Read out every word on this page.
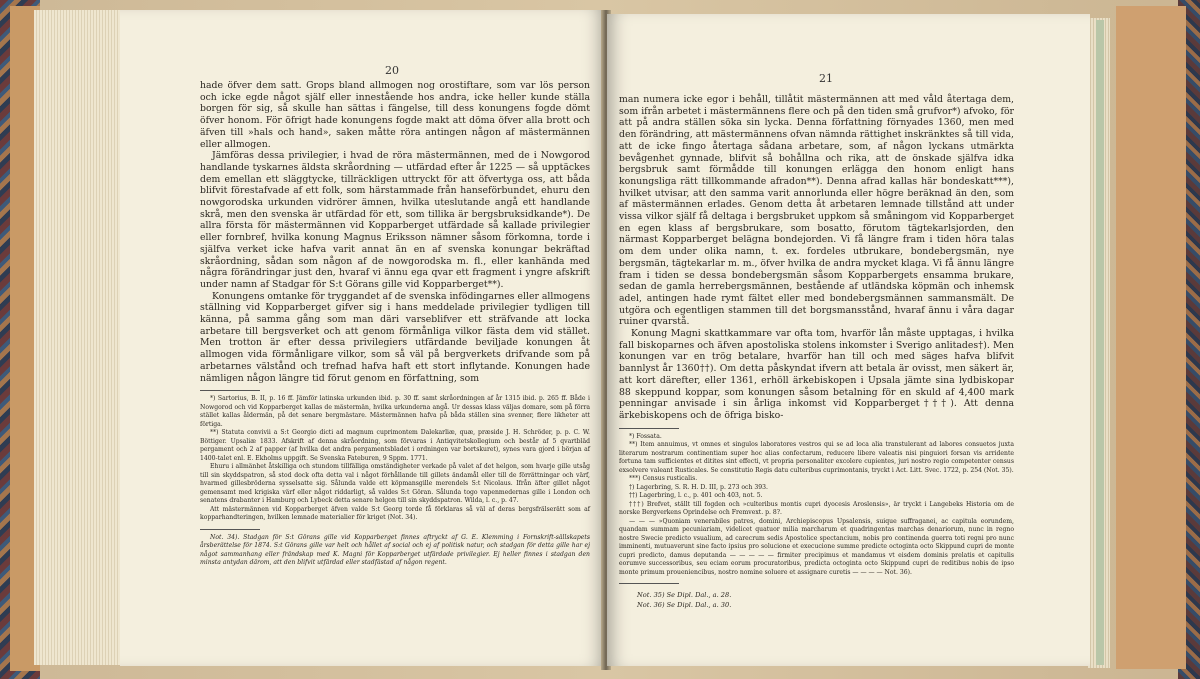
20

hade öfver dem satt. Grops bland allmogen nog orostiftare, som var lös person och icke egde något själf eller innestående hos andra, icke heller kunde ställa borgen för sig, så skulle han sättas i fängelse, till dess konungens fogde dömt öfver honom. För öfrigt hade konungens fogde makt att döma öfver alla brott och äfven till »hals och hand», saken måtte röra antingen någon af mästermännen eller allmogen.

Jämföras dessa privilegier, i hvad de röra mästermännen, med de i Nowgorod handlande tyskarnes äldsta skråordning — utfärdad efter år 1225 — så upptäckes dem emellan ett släggtycke, tillräckligen uttryckt för att öfvertyga oss, att båda blifvit förestafvade af ett folk, som härstammade från hanseförbundet, ehuru den nowgorodska urkunden vidrörer ämnen, hvilka uteslutande angå ett handlande skrå, men den svenska är utfärdad för ett, som tillika är bergsbruksidkande*). De allra första för mästermännen vid Kopparberget utfärdade så kallade privilegier eller fornbref, hvilka konung Magnus Eriksson nämner såsom förkomna, torde i själfva verket icke hafva varit annat än en af svenska konungar bekräftad skråordning, sådan som någon af de nowgorodska m. fl., eller kanhända med några förändringar just den, hvaraf vi ännu ega qvar ett fragment i yngre afskrift under namn af Stadgar för S:t Görans gille vid Kopparberget**).

Konungens omtanke för tryggandet af de svenska infödingarnes eller allmogens ställning vid Kopparberget gifver sig i hans meddelade privilegier tydligen till känna, på samma gång som man däri varseblifver ett sträfvande att locka arbetare till bergsverket och att genom förmånliga vilkor fästa dem vid stället. Men trotton är efter dessa privilegiers utfärdande beviljade konungen åt allmogen vida förmånligare vilkor, som så väl på bergverkets drifvande som på arbetarnes välstånd och trefnad hafva haft ett stort inflytande. Konungen hade nämligen någon längre tid förut genom en författning, som

*) Sartorius, B. II, p. 16 ff. Jämför latinska urkunden ibid. p. 30 ff. samt skråordningen af år 1315 ibid. p. 265 ff. Både i Nowgorod och vid Kopparberget kallas de mästermän, hvilka urkunderna angå. Ur dessas klass väljas domare, som på förra stället kallas åldermän, på det senare bergmästare. Mästermännen hafva på båda ställen sina svenner, flere likheter att förtiga.

**) Statuta convivii a S:t Georgio dicti ad magnum cuprimontem Dalekarliæ, quæ, præside J. H. Schröder, p. p. C. W. Böttiger. Upsaliæ 1833. Afskrift af denna skråordning, som förvaras i Antiqvitetskollegium och består af 5 qvartbläd pergament och 2 af papper (af hvilka det andra pergamentsbladet i ordningen var bortskuret), synes vara gjord i början af 1400-talet enl. E. Ekholms uppgift. Se Svenska Fateburen, 9 Sppm. 1771.

Ehuru i allmänhet åtskilliga och stundom tillfälliga omständigheter verkade på valet af det helgon, som hvarje gille utsåg till sin skyddspatron, så stod dock ofta detta val i något förhållande till gillets ändamål eller till de förrättningar och värf, hvarmed gillesbröderna sysselsatte sig. Sålunda valde ett köpmansgille merendels S:t Nicolaus. Ifrån äfter gillet något gemensamt med krigiska värf eller något riddarligt, så valdes S:t Göran. Sålunda togo vapenmedernas gille i London och senatens drabanter i Hamburg och Lybeck detta senare helgon till sin skyddspatron. Wilda, l. c., p. 47.

Att mästermännen vid Kopparberget äfven valde S:t Georg torde få förklaras så väl af deras bergsfrälserätt som af kopparhandteringen, hvilken lemnade materialier för kriget (Not. 34).

Not. 34). Stadgan för S:t Görans gille vid Kopparberget finnes aftryckt af G. E. Klemming i Fornskrift-sällskapets årsberättelse för 1874. S:t Görans gille var helt och hållet af social och ej af politisk natur, och stadgan för detta gille har ej något sammanhang eller frändskap med K. Magni för Kopparberget utfärdade privilegier. Ej heller finnes i stadgan den minsta antydan därom, att den blifvit utfärdad eller stadfästad af någon regent.

21

man numera icke egor i behåll, tillåtit mästermännen att med våld återtaga dem, som ifrån arbetet i mästermännens flere och på den tiden små grufvor*) afvoko, för att på andra ställen söka sin lycka. Denna författning förnyades 1360, men med den förändring, att mästermännens ofvan nämnda rättighet inskränktes så till vida, att de icke fingo återtaga sådana arbetare, som, af någon lyckans utmärkta bevågenhet gynnade, blifvit så bohållna och rika, att de önskade själfva idka bergsbruk samt förmådde till konungen erlägga den honom enligt hans konungsliga rätt tillkommande afradon**). Denna afrad kallas här bondeskatt***), hvilket utvisar, att den samma varit annorlunda eller högre beräknad än den, som af mästermännen erlades. Genom detta åt arbetaren lemnade tillstånd att under vissa vilkor själf få deltaga i bergsbruket uppkom så småningom vid Kopparberget en egen klass af bergsbrukare, som bosatto, förutom tägtekarlsjorden, den närmast Kopparberget belägna bondejorden. Vi få längre fram i tiden höra talas om dem under olika namn, t. ex. fordeles utbrukare, bondebergsmän, nye bergsmän, tägtekarlar m. m., öfver hvilka de andra mycket klaga. Vi få ännu längre fram i tiden se dessa bondebergsmän såsom Kopparbergets ensamma brukare, sedan de gamla herrebergsmännen, bestående af utländska köpmän och inhemsk adel, antingen hade rymt fältet eller med bondebergsmännen sammansmält. De utgöra och egentligen stammen till det borgsmansstånd, hvaraf ännu i våra dagar ruiner qvarstå.

Konung Magni skattkammare var ofta tom, hvarför lån måste upptagas, i hvilka fall biskoparnes och äfven apostoliska stolens inkomster i Sverigo anlitades†). Men konungen var en trög betalare, hvarför han till och med säges hafva blifvit bannlyst år 1360††). Om detta påskyndat ifvern att betala är ovisst, men säkert är, att kort därefter, eller 1361, erhöll ärkebiskopen i Upsala jämte sina lydbiskopar 88 skeppund koppar, som konungen såsom betalning för en skuld af 4,400 mark penningar anvisade i sin årliga inkomst vid Kopparberget†††). Att denna ärkebiskopens och de öfriga bisko-

*) Fossata.

**) Item annuimus, vt omnes et singulos laboratores vestros qui se ad loca alia transtulerant ad labores consuetos juxta literarum nostrarum continentiam super hoc alias confectarum, reducere libere valeatis nisi pinguiori forsan vis arridente fortuna tam sufficientes et ditites sint effecti, vt propria personaliter excolere cupientes, juri nostro regio competenter census exsolvere valeant Rusticales. Se constitutio Regis datu culteribus cuprimontanis, tryckt i Act. Litt. Svec. 1722, p. 254 (Not. 35).

***) Census rusticalis.

†) Lagerbring, S. R. H. D. III, p. 273 och 393.

††) Lagerbring, l. c., p. 401 och 403, not. 5.

†††) Brefvet, ställt till fogden och »culteribus montis cupri dyocesis Aroslensis», är tryckt i Langebeks Historia om de norske Bergverkens Oprindelse och Fremvext. p. 8?.

— — — »Quoniam venerabiles patres, domini, Archiepiscopus Upsalensis, suique suffraganei, ac capitula eorundem, quandam summam pecuniariam, videlicet quatuor milia marcharum et quadringentas marchas denariorum, nunc in regno nostre Swecie predicto vsualium, ad carecrum sedis Apostolice spectancium, nobis pro continenda guerra toti regni pro nunc imminenti, mutuaverunt sine facto ipsius pro solucione et execucione summe predicte octoginta octo Skippund cupri de monte cupri predicto, damus deputanda — — — — — firmiter precipimus et mandamus vt eisdem dominis prelatis et capitulis eorumve successoribus, seu eciam eorum procuratoribus, predicta octoginta octo Skippund cupri de reditibus nobis de ipso monte primum proueniencibus, nostro nomine soluere et assignare curetis — — — — Not. 36).

Not. 35) Se Dipl. Dal., a. 28.
Not. 36) Se Dipl. Dal., a. 30.
